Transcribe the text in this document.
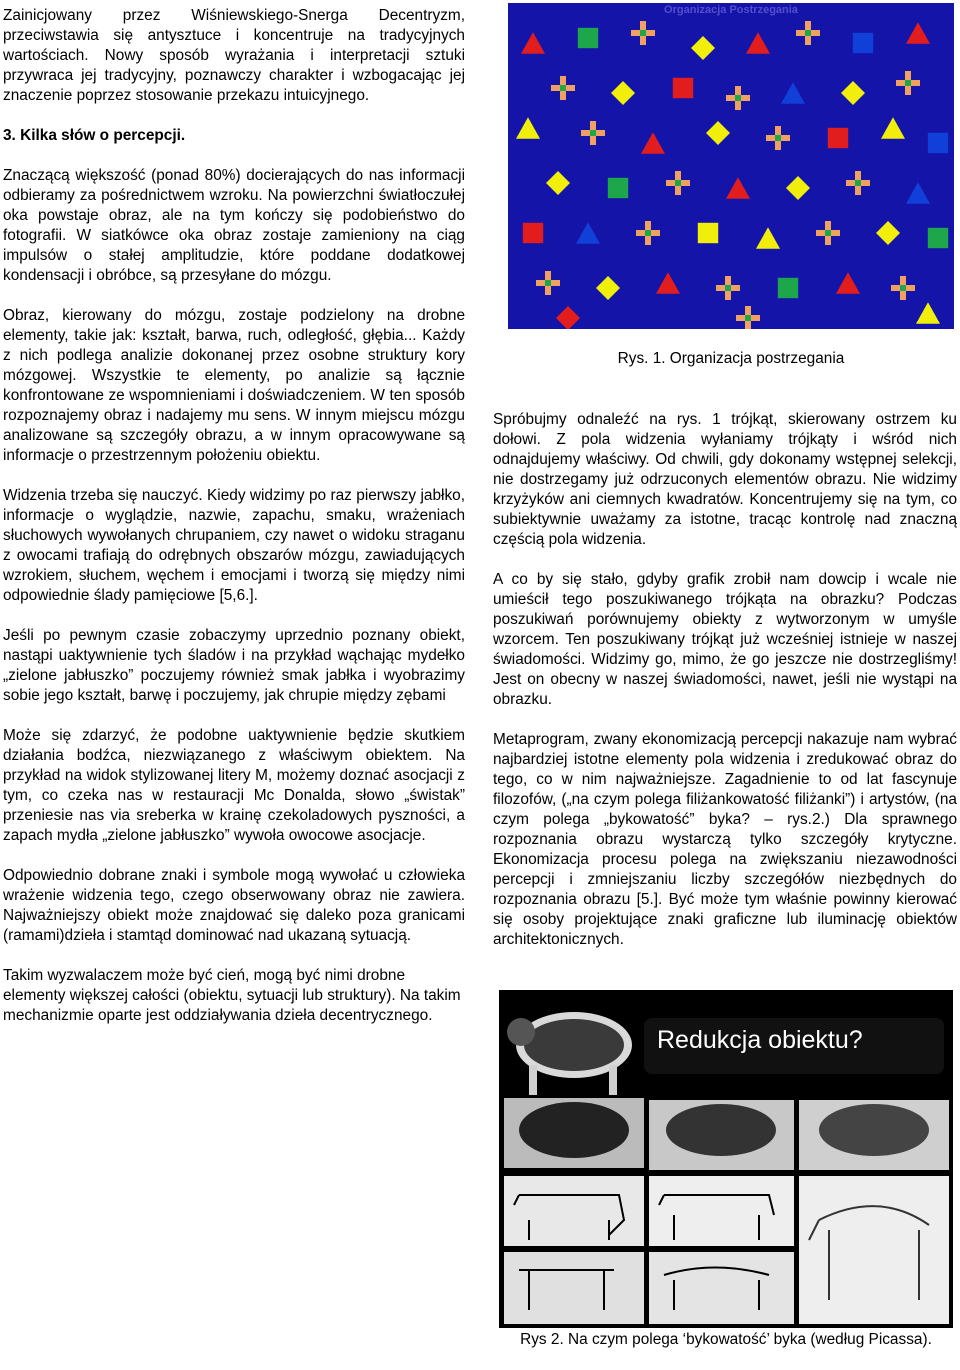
Zainicjowany przez Wiśniewskiego-Snerga Decentryzm, przeciwstawia się antysztuce i koncentruje na tradycyjnych wartościach. Nowy sposób wyrażania i interpretacji sztuki przywraca jej tradycyjny, poznawczy charakter i wzbogacając jej znaczenie poprzez stosowanie przekazu intuicyjnego.

3. Kilka słów o percepcji.

Znaczącą większość (ponad 80%) docierających do nas informacji odbieramy za pośrednictwem wzroku. Na powierzchni światłoczułej oka powstaje obraz, ale na tym kończy się podobieństwo do fotografii. W siatkówce oka obraz zostaje zamieniony na ciąg impulsów o stałej amplitudzie, które poddane dodatkowej kondensacji i obróbce, są przesyłane do mózgu.

Obraz, kierowany do mózgu, zostaje podzielony na drobne elementy, takie jak: kształt, barwa, ruch, odległość, głębia... Każdy z nich podlega analizie dokonanej przez osobne struktury kory mózgowej. Wszystkie te elementy, po analizie są łącznie konfrontowane ze wspomnieniami i doświadczeniem. W ten sposób rozpoznajemy obraz i nadajemy mu sens. W innym miejscu mózgu analizowane są szczegóły obrazu, a w innym opracowywane są informacje o przestrzennym położeniu obiektu.

Widzenia trzeba się nauczyć. Kiedy widzimy po raz pierwszy jabłko, informacje o wyglądzie, nazwie, zapachu, smaku, wrażeniach słuchowych wywołanych chrupaniem, czy nawet o widoku straganu z owocami trafiają do odrębnych obszarów mózgu, zawiadujących wzrokiem, słuchem, węchem i emocjami i tworzą się między nimi odpowiednie ślady pamięciowe [5,6.].

Jeśli po pewnym czasie zobaczymy uprzednio poznany obiekt, nastąpi uaktywnienie tych śladów i na przykład wąchając mydełko „zielone jabłuszko” poczujemy również smak jabłka i wyobrazimy sobie jego kształt, barwę i poczujemy, jak chrupie między zębami

Może się zdarzyć, że podobne uaktywnienie będzie skutkiem działania bodźca, niezwiązanego z właściwym obiektem. Na przykład na widok stylizowanej litery M, możemy doznać asocjacji z tym, co czeka nas w restauracji Mc Donalda, słowo „świstak” przeniesie nas via sreberka w krainę czekoladowych pyszności, a zapach mydła „zielone jabłuszko” wywoła owocowe asocjacje.

Odpowiednio dobrane znaki i symbole mogą wywołać u człowieka wrażenie widzenia tego, czego obserwowany obraz nie zawiera. Najważniejszy obiekt może znajdować się daleko poza granicami (ramami)dzieła i stamtąd dominować nad ukazaną sytuacją.

Takim wyzwalaczem może być cień, mogą być nimi drobne elementy większej całości (obiektu, sytuacji lub struktury). Na takim mechanizmie oparte jest oddziaływania dzieła decentrycznego.

Organizacja Postrzegania

Rys. 1. Organizacja postrzegania

Spróbujmy odnaleźć na rys. 1 trójkąt, skierowany ostrzem ku dołowi. Z pola widzenia wyłaniamy trójkąty i wśród nich odnajdujemy właściwy. Od chwili, gdy dokonamy wstępnej selekcji, nie dostrzegamy już odrzuconych elementów obrazu. Nie widzimy krzyżyków ani ciemnych kwadratów. Koncentrujemy się na tym, co subiektywnie uważamy za istotne, tracąc kontrolę nad znaczną częścią pola widzenia.

A co by się stało, gdyby grafik zrobił nam dowcip i wcale nie umieścił tego poszukiwanego trójkąta na obrazku? Podczas poszukiwań porównujemy obiekty z wytworzonym w umyśle wzorcem. Ten poszukiwany trójkąt już wcześniej istnieje w naszej świadomości. Widzimy go, mimo, że go jeszcze nie dostrzegliśmy! Jest on obecny w naszej świadomości, nawet, jeśli nie wystąpi na obrazku.

Metaprogram, zwany ekonomizacją percepcji nakazuje nam wybrać najbardziej istotne elementy pola widzenia i zredukować obraz do tego, co w nim najważniejsze. Zagadnienie to od lat fascynuje filozofów, („na czym polega filiżankowatość filiżanki”) i artystów, (na czym polega „bykowatość” byka? – rys.2.) Dla sprawnego rozpoznania obrazu wystarczą tylko szczegóły krytyczne. Ekonomizacja procesu polega na zwiększaniu niezawodności percepcji i zmniejszaniu liczby szczegółów niezbędnych do rozpoznania obrazu [5.]. Być może tym właśnie powinny kierować się osoby projektujące znaki graficzne lub iluminację obiektów architektonicznych.

Redukcja obiektu?

Rys 2. Na czym polega ‘bykowatość’ byka (według Picassa).
